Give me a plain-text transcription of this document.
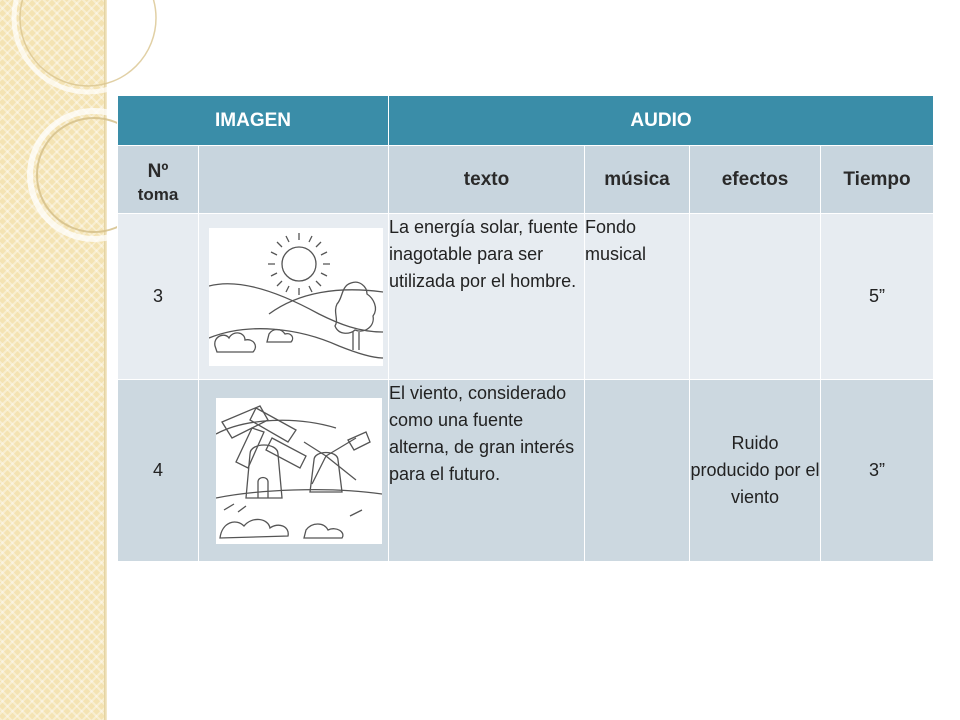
IMAGEN		AUDIO			
Nº
toma		texto	música	efectos	Tiempo
3		La energía solar, fuente inagotable para ser utilizada por el hombre.	Fondo musical		5”
4		El viento, considerado como una fuente alterna, de gran interés para el futuro.		Ruido producido por el viento	3”
